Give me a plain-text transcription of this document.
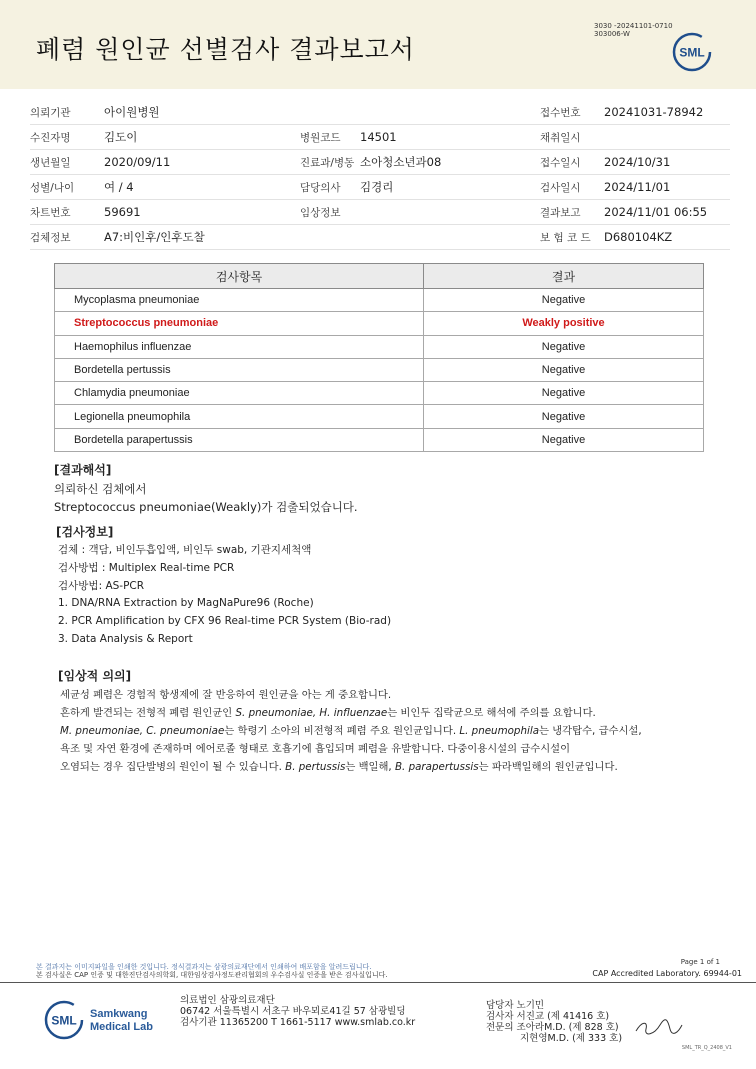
폐렴 원인균 선별검사 결과보고서
3030 -20241101-0710
303006-W
SML
의뢰기관	아이원병원			접수번호	20241031-78942
수진자명	김도이	병원코드	14501	채취일시	
생년월일	2020/09/11	진료과/병동	소아청소년과08	접수일시	2024/10/31
성별/나이	여 / 4	담당의사	김경리	검사일시	2024/11/01
차트번호	59691	임상정보		결과보고	2024/11/01 06:55
검체정보	A7:비인후/인후도찰			보 험 코 드	D680104KZ
검사항목	결과
Mycoplasma pneumoniae	Negative
Streptococcus pneumoniae	Weakly positive
Haemophilus influenzae	Negative
Bordetella pertussis	Negative
Chlamydia pneumoniae	Negative
Legionella pneumophila	Negative
Bordetella parapertussis	Negative
[결과해석]
의뢰하신 검체에서
Streptococcus pneumoniae(Weakly)가 검출되었습니다.
[검사정보]
검체 : 객담, 비인두흡입액, 비인두 swab, 기관지세척액
검사방법 : Multiplex Real-time PCR
검사방법: AS-PCR
1. DNA/RNA Extraction by MagNaPure96 (Roche)
2. PCR Amplification by CFX 96 Real-time PCR System (Bio-rad)
3. Data Analysis & Report
[임상적 의의]
세균성 폐렴은 경험적 항생제에 잘 반응하여 원인균을 아는 게 중요합니다.
흔하게 발견되는 전형적 폐렴 원인균인 S. pneumoniae, H. influenzae는 비인두 집락균으로 해석에 주의를 요합니다.
M. pneumoniae, C. pneumoniae는 학령기 소아의 비전형적 폐렴 주요 원인균입니다. L. pneumophila는 냉각탑수, 급수시설,
욕조 및 자연 환경에 존재하며 에어로졸 형태로 호흡기에 흡입되며 폐렴을 유발합니다. 다중이용시설의 급수시설이
오염되는 경우 집단발병의 원인이 될 수 있습니다. B. pertussis는 백일해, B. parapertussis는 파라백일해의 원인균입니다.
본 결과지는 이미지파일을 인쇄한 것입니다. 정식결과지는 삼광의료재단에서 인쇄하여 배포함을 알려드립니다.
본 검사실은 CAP 인증 및 대한진단검사의학회, 대한임상검사정도관리협회의 우수검사실 인증을 받은 검사실입니다.
Page 1 of 1
CAP Accredited Laboratory. 69944-01
SML Samkwang
Medical Lab
의료법인 삼광의료재단
06742 서울특별시 서초구 바우뫼로41길 57 삼광빌딩
검사기관 11365200 T 1661-5117 www.smlab.co.kr
담당자 노기민
검사자 서진교 (제 41416 호)
전문의 조아라M.D. (제 828 호)
지현영M.D. (제 333 호)
SML_TR_Q_2408_V1
